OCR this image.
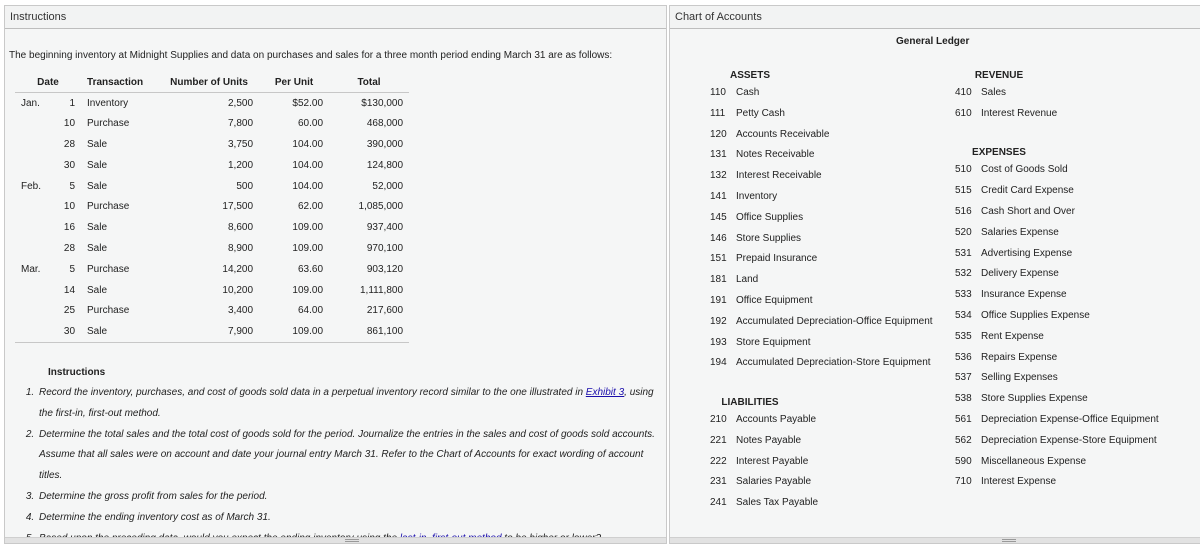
Instructions
The beginning inventory at Midnight Supplies and data on purchases and sales for a three month period ending March 31 are as follows:
Date		Transaction	Number of Units	Per Unit	Total
Jan.	1	Inventory	2,500	$52.00	$130,000
	10	Purchase	7,800	60.00	468,000
	28	Sale	3,750	104.00	390,000
	30	Sale	1,200	104.00	124,800
Feb.	5	Sale	500	104.00	52,000
	10	Purchase	17,500	62.00	1,085,000
	16	Sale	8,600	109.00	937,400
	28	Sale	8,900	109.00	970,100
Mar.	5	Purchase	14,200	63.60	903,120
	14	Sale	10,200	109.00	1,111,800
	25	Purchase	3,400	64.00	217,600
	30	Sale	7,900	109.00	861,100
Instructions
1. Record the inventory, purchases, and cost of goods sold data in a perpetual inventory record similar to the one illustrated in Exhibit 3, using the first-in, first-out method.
2. Determine the total sales and the total cost of goods sold for the period. Journalize the entries in the sales and cost of goods sold accounts. Assume that all sales were on account and date your journal entry March 31. Refer to the Chart of Accounts for exact wording of account titles.
3. Determine the gross profit from sales for the period.
4. Determine the ending inventory cost as of March 31.
5.
Chart of Accounts
General Ledger
ASSETS
110 Cash
111 Petty Cash
120 Accounts Receivable
131 Notes Receivable
132 Interest Receivable
141 Inventory
145 Office Supplies
146 Store Supplies
151 Prepaid Insurance
181 Land
191 Office Equipment
192 Accumulated Depreciation-Office Equipment
193 Store Equipment
194 Accumulated Depreciation-Store Equipment
LIABILITIES
210 Accounts Payable
221 Notes Payable
222 Interest Payable
231 Salaries Payable
241 Sales Tax Payable
REVENUE
410 Sales
610 Interest Revenue
EXPENSES
510 Cost of Goods Sold
515 Credit Card Expense
516 Cash Short and Over
520 Salaries Expense
531 Advertising Expense
532 Delivery Expense
533 Insurance Expense
534 Office Supplies Expense
535 Rent Expense
536 Repairs Expense
537 Selling Expenses
538 Store Supplies Expense
561 Depreciation Expense-Office Equipment
562 Depreciation Expense-Store Equipment
590 Miscellaneous Expense
710 Interest Expense
